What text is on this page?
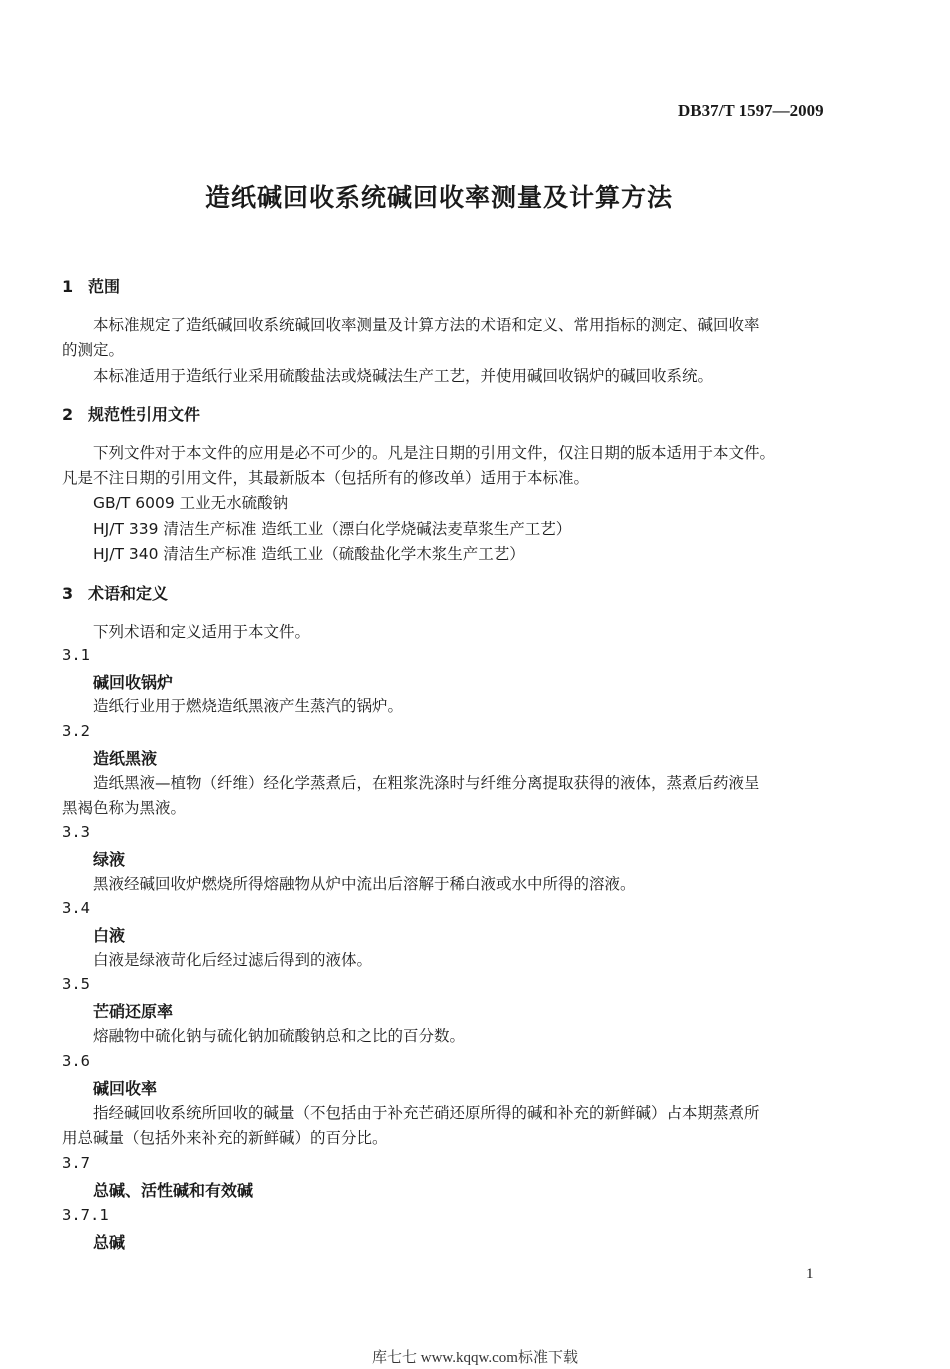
DB37/T 1597—2009
造纸碱回收系统碱回收率测量及计算方法
1 范围
本标准规定了造纸碱回收系统碱回收率测量及计算方法的术语和定义、常用指标的测定、碱回收率
的测定。
本标准适用于造纸行业采用硫酸盐法或烧碱法生产工艺，并使用碱回收锅炉的碱回收系统。
2 规范性引用文件
下列文件对于本文件的应用是必不可少的。凡是注日期的引用文件，仅注日期的版本适用于本文件。
凡是不注日期的引用文件，其最新版本（包括所有的修改单）适用于本标准。
GB/T 6009 工业无水硫酸钠
HJ/T 339 清洁生产标准 造纸工业（漂白化学烧碱法麦草浆生产工艺）
HJ/T 340 清洁生产标准 造纸工业（硫酸盐化学木浆生产工艺）
3 术语和定义
下列术语和定义适用于本文件。
3.1
碱回收锅炉
造纸行业用于燃烧造纸黑液产生蒸汽的锅炉。
3.2
造纸黑液
造纸黑液—植物（纤维）经化学蒸煮后，在粗浆洗涤时与纤维分离提取获得的液体，蒸煮后药液呈
黑褐色称为黑液。
3.3
绿液
黑液经碱回收炉燃烧所得熔融物从炉中流出后溶解于稀白液或水中所得的溶液。
3.4
白液
白液是绿液苛化后经过滤后得到的液体。
3.5
芒硝还原率
熔融物中硫化钠与硫化钠加硫酸钠总和之比的百分数。
3.6
碱回收率
指经碱回收系统所回收的碱量（不包括由于补充芒硝还原所得的碱和补充的新鲜碱）占本期蒸煮所
用总碱量（包括外来补充的新鲜碱）的百分比。
3.7
总碱、活性碱和有效碱
3.7.1
总碱
1
库七七 www.kqqw.com标准下载
